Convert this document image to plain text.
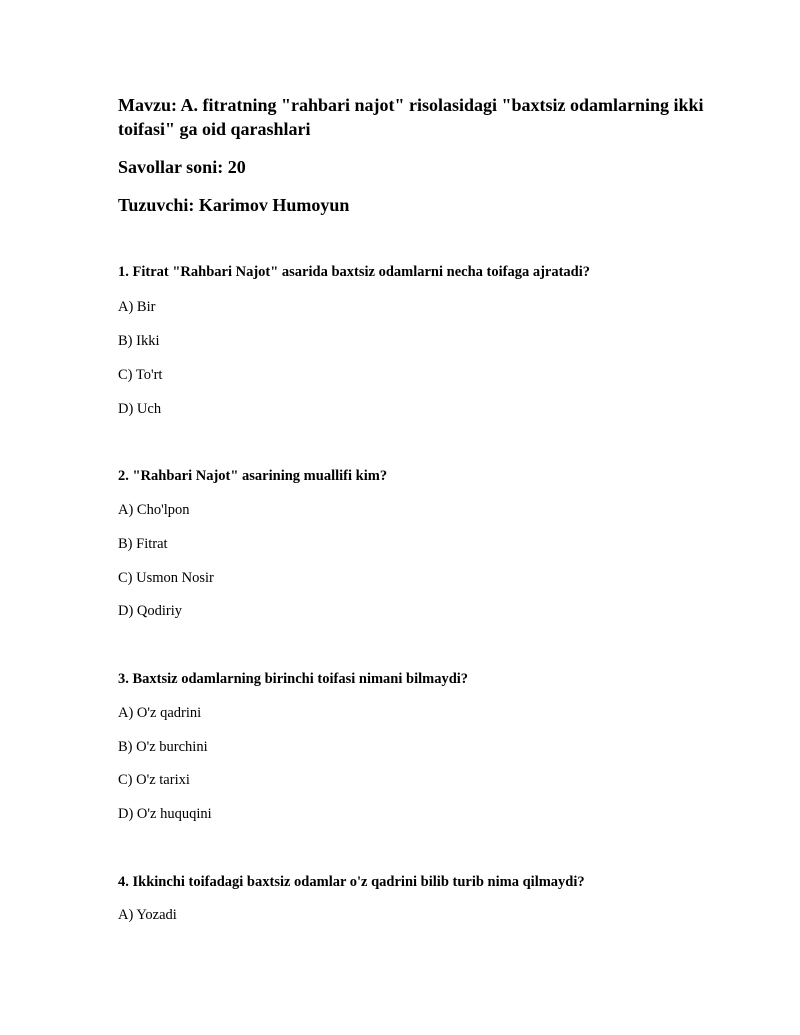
Mavzu: A. fitratning "rahbari najot" risolasidagi "baxtsiz odamlarning ikki toifasi" ga oid qarashlari

Savollar soni: 20

Tuzuvchi: Karimov Humoyun

1. Fitrat "Rahbari Najot" asarida baxtsiz odamlarni necha toifaga ajratadi?

A) Bir

B) Ikki

C) To'rt

D) Uch

2. "Rahbari Najot" asarining muallifi kim?

A) Cho'lpon

B) Fitrat

C) Usmon Nosir

D) Qodiriy

3. Baxtsiz odamlarning birinchi toifasi nimani bilmaydi?

A) O'z qadrini

B) O'z burchini

C) O'z tarixi

D) O'z huquqini

4. Ikkinchi toifadagi baxtsiz odamlar o'z qadrini bilib turib nima qilmaydi?

A) Yozadi
